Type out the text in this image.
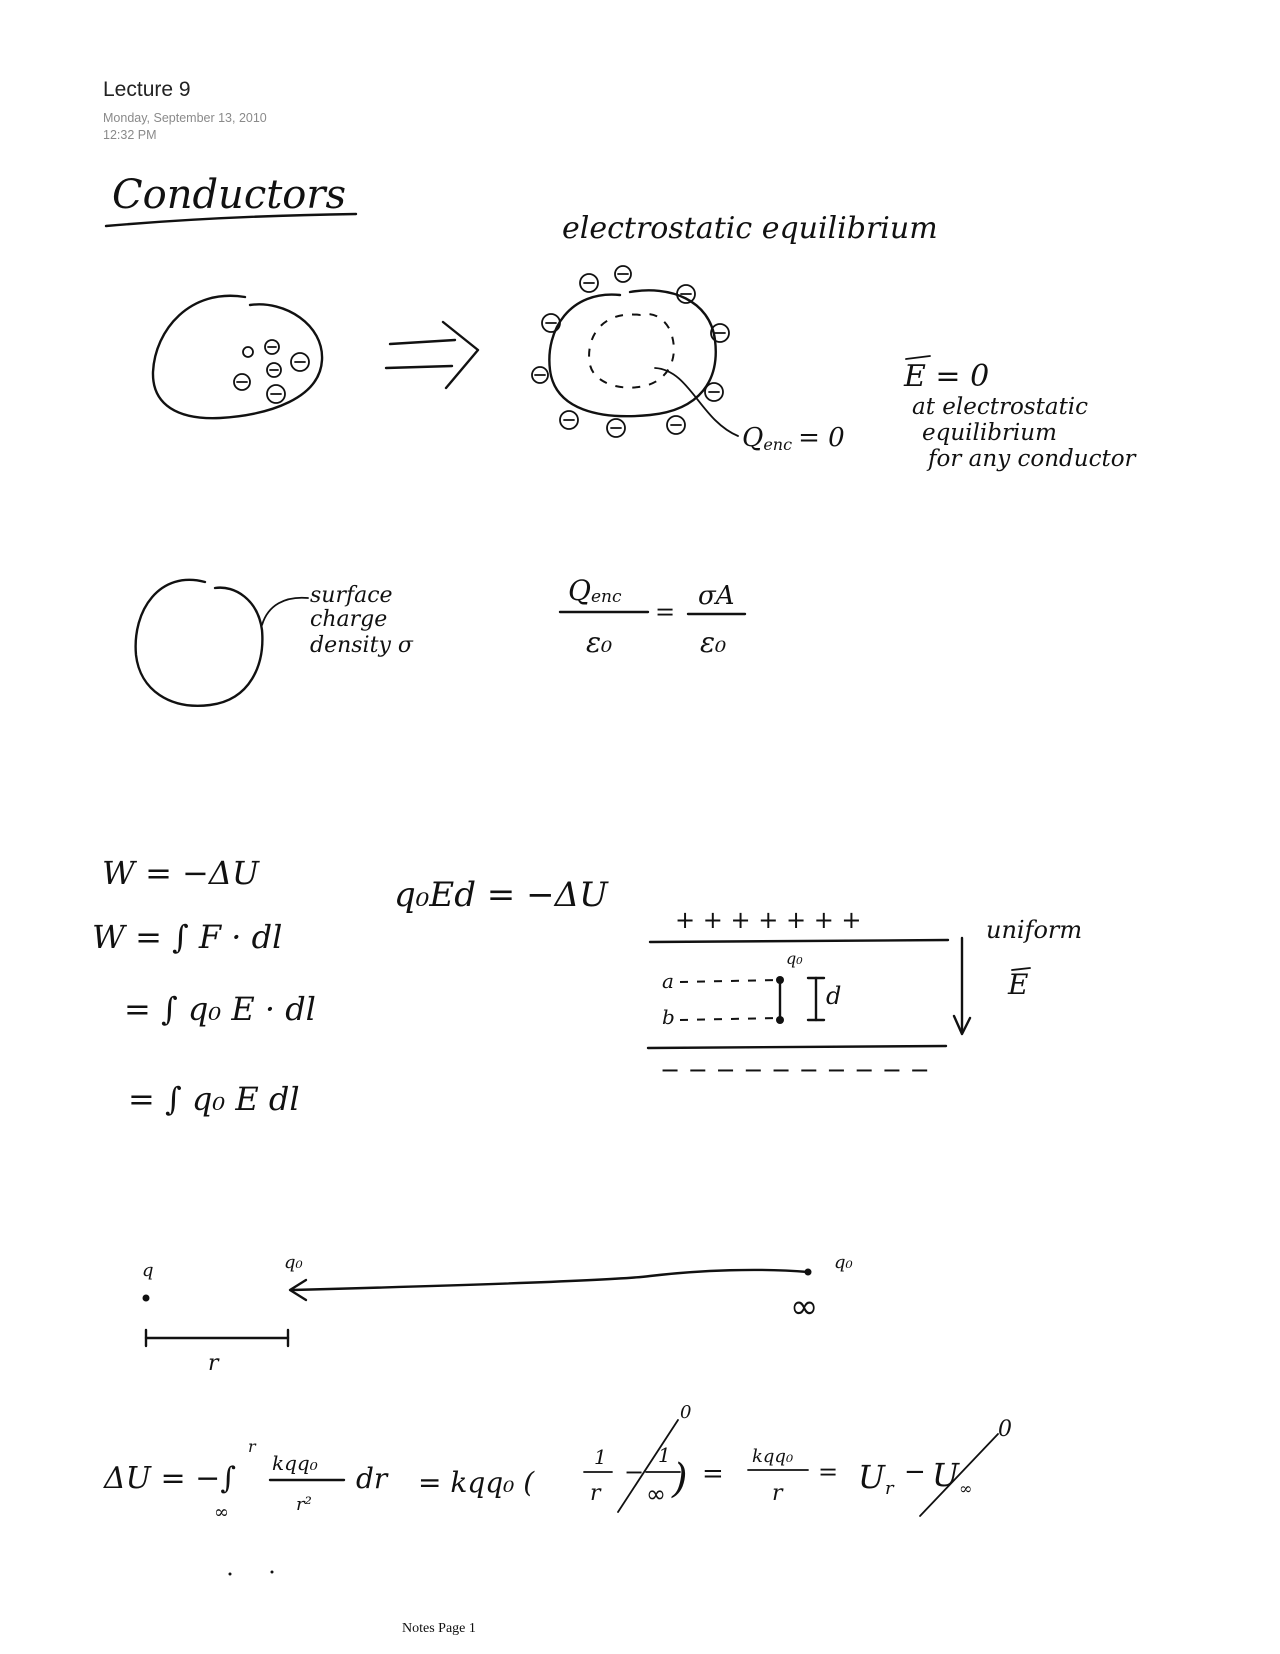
Lecture 9
Monday, September 13, 2010
12:32 PM
Conductors
electrostatic equilibrium
Qenc = 0
E = 0
at electrostatic
equilibrium
for any conductor
surface
charge
density σ
Qenc
ε₀
=
σA
ε₀
W = −ΔU
W = ∫ F · dl
= ∫ q₀ E · dl
= ∫ q₀ E dl
q₀Ed = −ΔU
+ + + + + + +
− − − − − − − − − −
a
b
q₀
d
uniform
E
q	q₀	q₀
∞
r
ΔU = −∫
r
∞
kqq₀
r²
dr = kqq₀ (
1
r
−
1
∞ )
0
=
kqq₀
r
= Ur
− $U_\infty$
0
Notes Page 1
